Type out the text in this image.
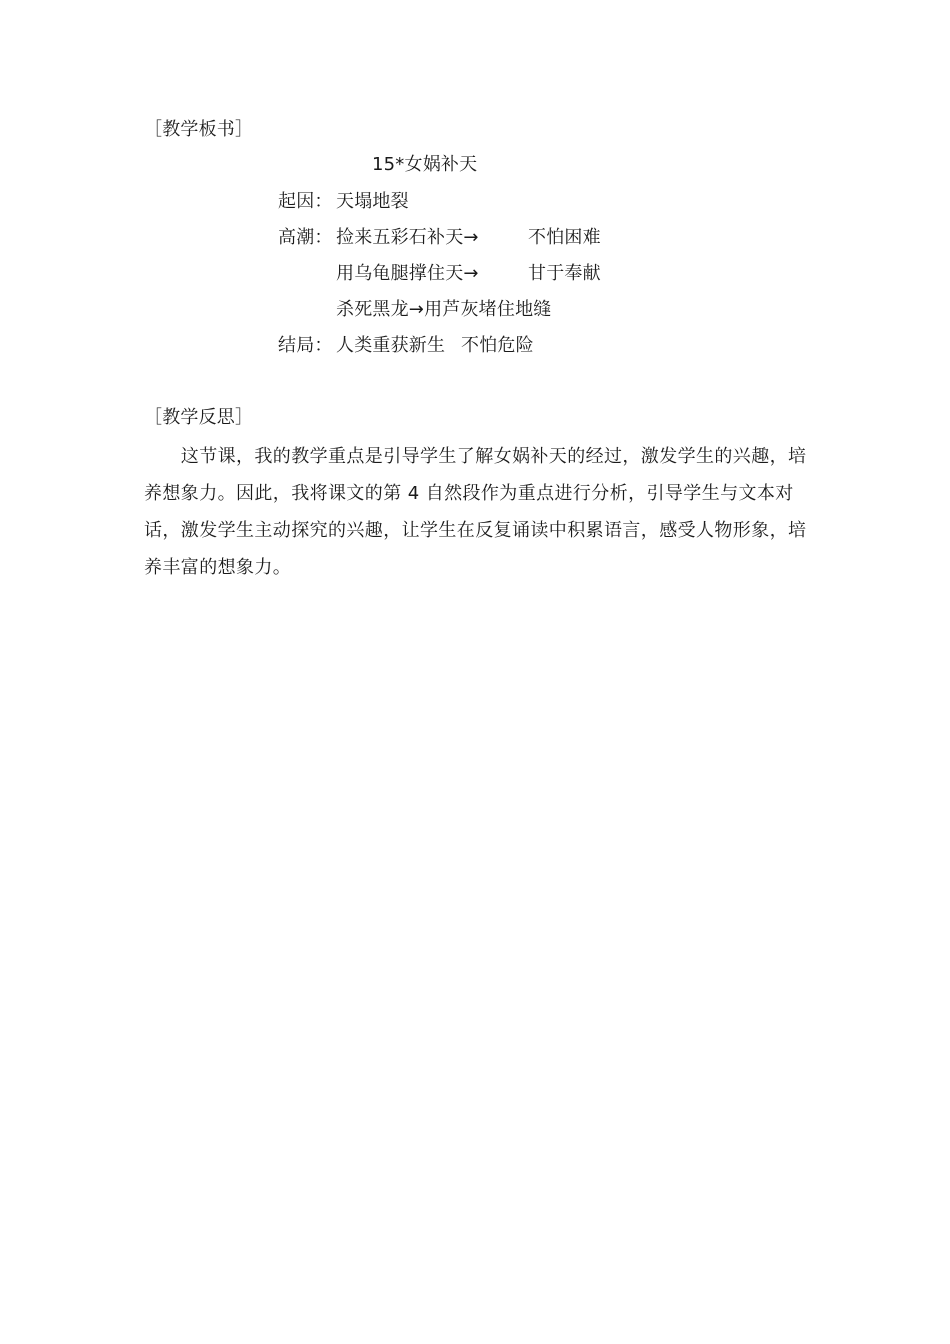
［教学板书］
15*女娲补天
起因： 天塌地裂
高潮： 捡来五彩石补天→	不怕困难
用乌龟腿撑住天→	甘于奉献
杀死黑龙→用芦灰堵住地缝
结局： 人类重获新生 不怕危险
［教学反思］

　　这节课，我的教学重点是引导学生了解女娲补天的经过，激发学生的兴趣，培养想象力。因此，我将课文的第 4 自然段作为重点进行分析，引导学生与文本对话，激发学生主动探究的兴趣，让学生在反复诵读中积累语言，感受人物形象，培养丰富的想象力。
